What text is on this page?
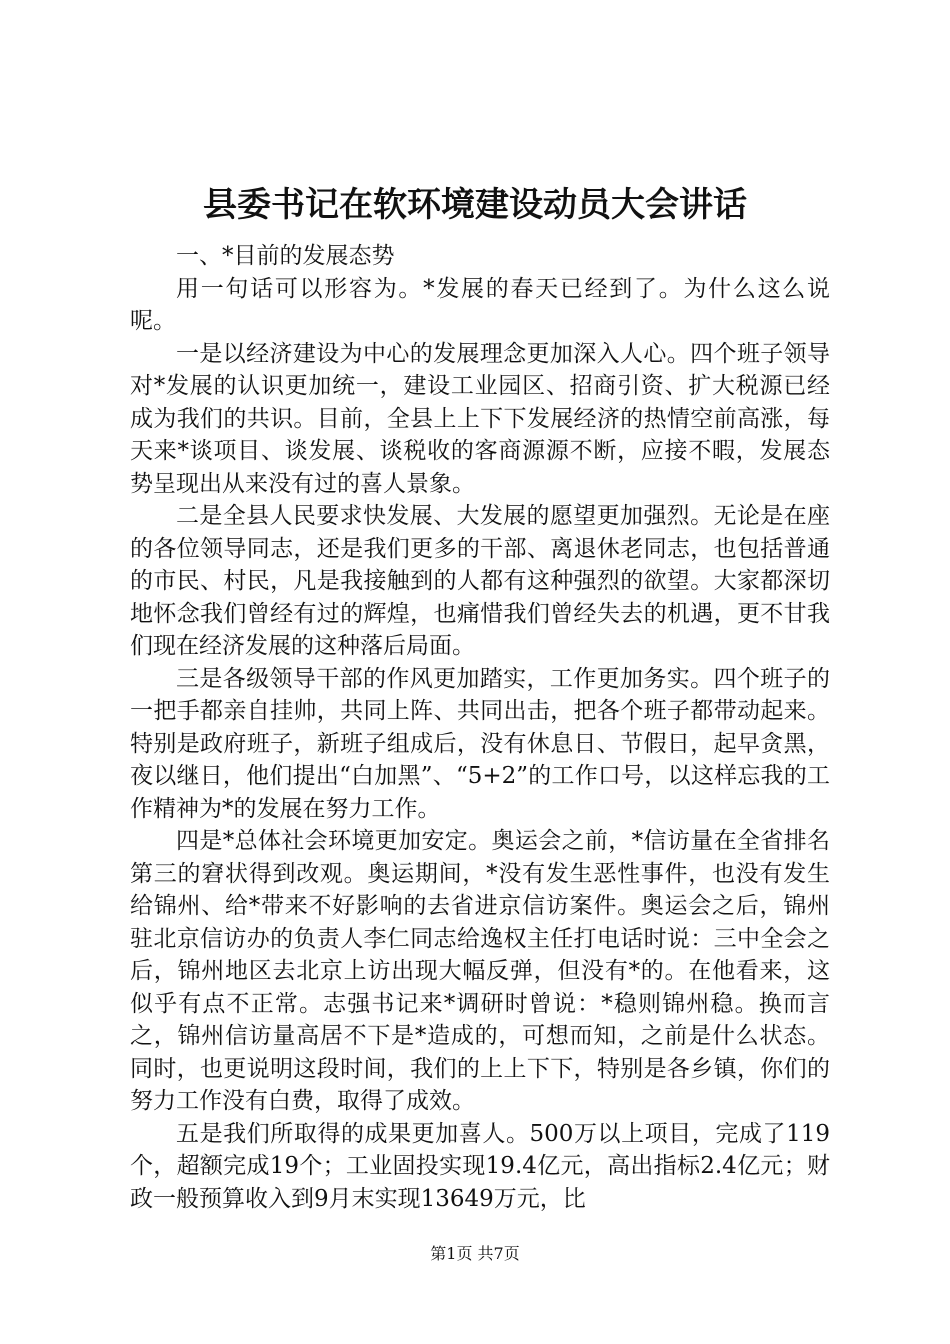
县委书记在软环境建设动员大会讲话

一、*目前的发展态势

用一句话可以形容为。*发展的春天已经到了。为什么这么说呢。

一是以经济建设为中心的发展理念更加深入人心。四个班子领导对*发展的认识更加统一，建设工业园区、招商引资、扩大税源已经成为我们的共识。目前，全县上上下下发展经济的热情空前高涨，每天来*谈项目、谈发展、谈税收的客商源源不断，应接不暇，发展态势呈现出从来没有过的喜人景象。

二是全县人民要求快发展、大发展的愿望更加强烈。无论是在座的各位领导同志，还是我们更多的干部、离退休老同志，也包括普通的市民、村民，凡是我接触到的人都有这种强烈的欲望。大家都深切地怀念我们曾经有过的辉煌，也痛惜我们曾经失去的机遇，更不甘我们现在经济发展的这种落后局面。

三是各级领导干部的作风更加踏实，工作更加务实。四个班子的一把手都亲自挂帅，共同上阵、共同出击，把各个班子都带动起来。特别是政府班子，新班子组成后，没有休息日、节假日，起早贪黑，夜以继日，他们提出“白加黑”、“5+2”的工作口号，以这样忘我的工作精神为*的发展在努力工作。

四是*总体社会环境更加安定。奥运会之前，*信访量在全省排名第三的窘状得到改观。奥运期间，*没有发生恶性事件，也没有发生给锦州、给*带来不好影响的去省进京信访案件。奥运会之后，锦州驻北京信访办的负责人李仁同志给逸权主任打电话时说：三中全会之后，锦州地区去北京上访出现大幅反弹，但没有*的。在他看来，这似乎有点不正常。志强书记来*调研时曾说：*稳则锦州稳。换而言之，锦州信访量高居不下是*造成的，可想而知，之前是什么状态。同时，也更说明这段时间，我们的上上下下，特别是各乡镇，你们的努力工作没有白费，取得了成效。

五是我们所取得的成果更加喜人。500万以上项目，完成了119个，超额完成19个；工业固投实现19.4亿元，高出指标2.4亿元；财政一般预算收入到9月末实现13649万元，比

第1页 共7页
